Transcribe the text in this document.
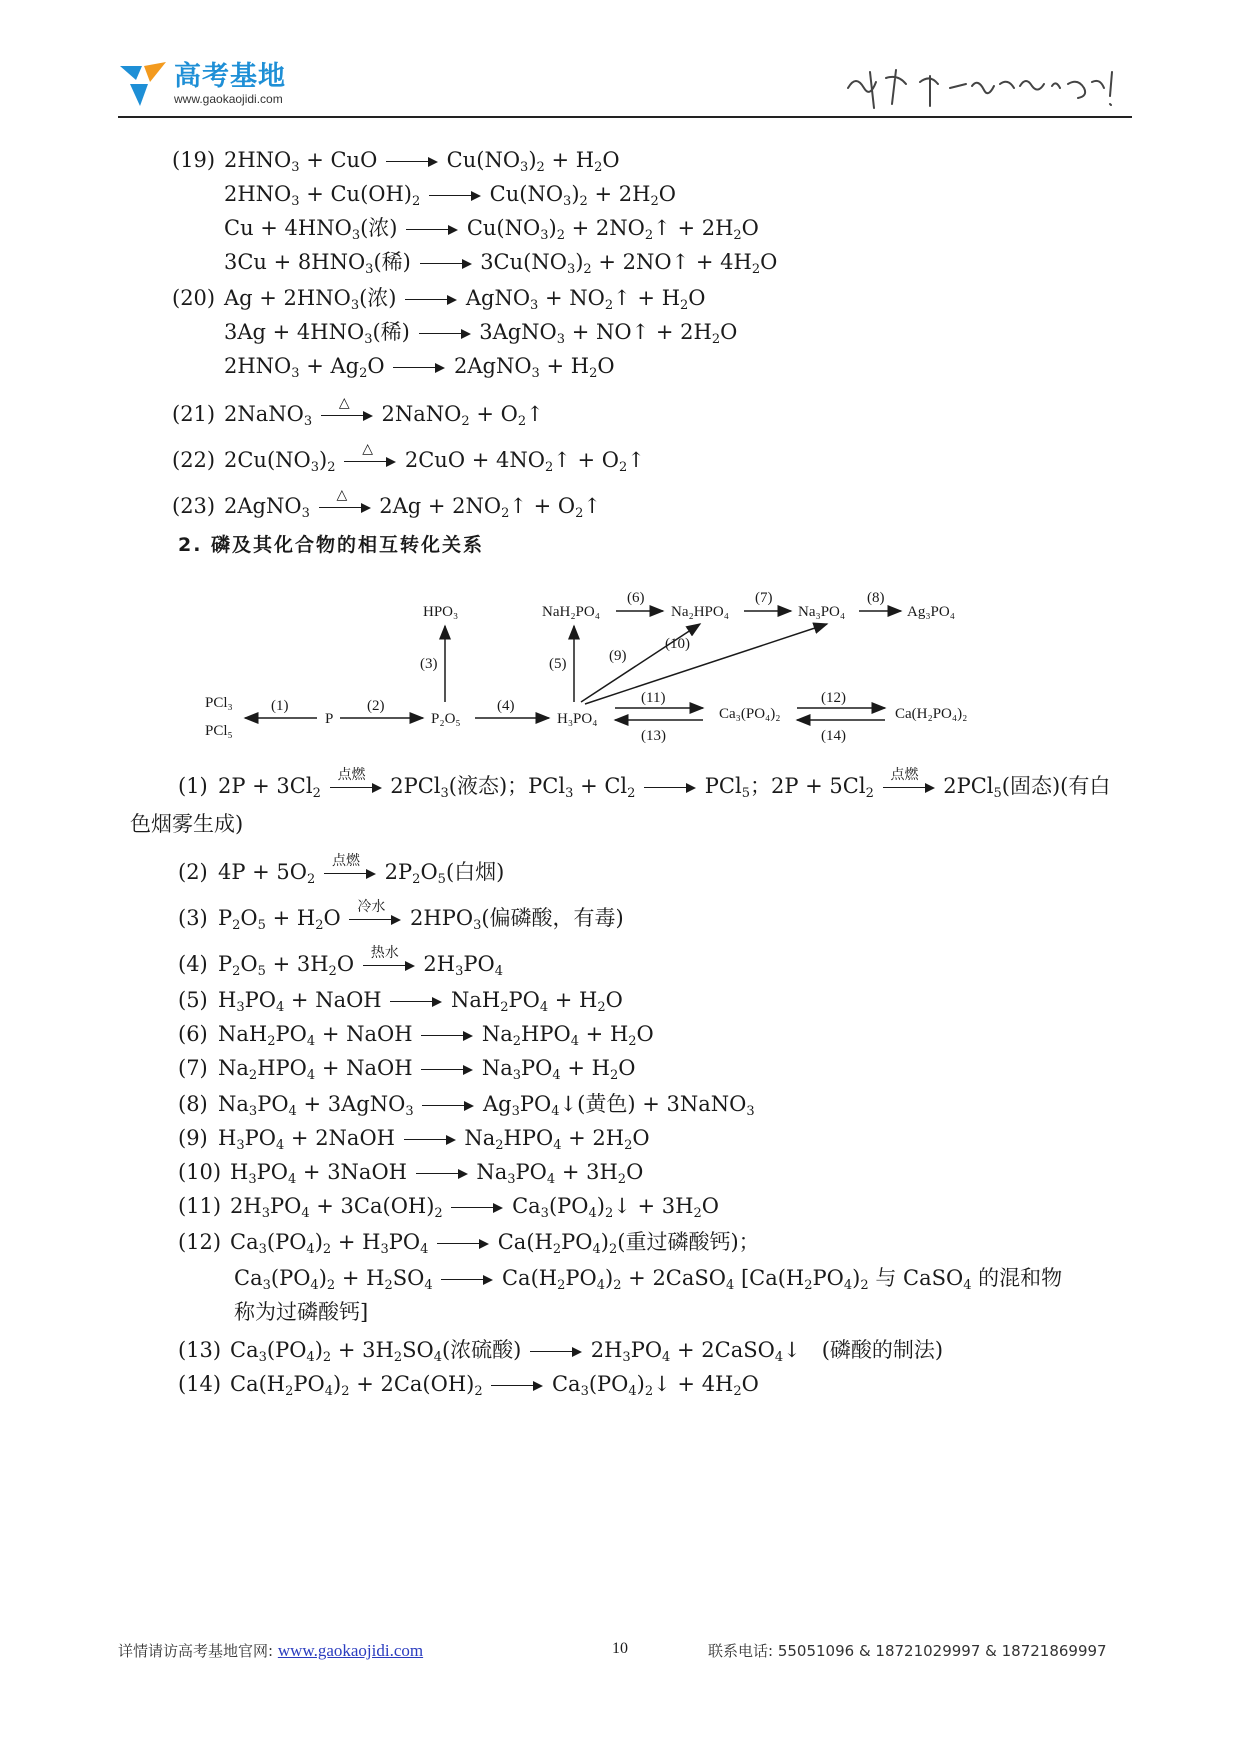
高考基地
www.gaokaojidi.com
(19) $2HNO_3$ + CuO	$Cu(NO_3)_2 + H_2O$
$2HNO_3 + Cu(OH)_2$	$Cu(NO_3)_2 + 2H_2O$
$Cu + 4HNO_3$(浓)	$Cu(NO_3)_2$ + $2NO_2↑ + 2H_2O$
$3Cu + 8HNO_3$(稀)	$3Cu(NO_3)_2$ + 2NO↑ + $4H_2O$
(20) $Ag + 2HNO_3$(浓)	AgNO$_3$ + $NO_2↑ + H_2O$
$3Ag + 4HNO_3$(稀)	3AgNO$_3$ + NO↑ + $2H_2O$
$2HNO_3 + Ag_2O$	2AgNO$_3$ + $H_2O$
(21) 2NaNO$_3$
△ 2NaNO$_2$ + $O_2↑$
(22) $2Cu(NO_3)_2$
△ $2CuO + 4NO_2↑$ + $O_2↑$
(23) 2AgNO$_3$
△ $2Ag + 2NO_2↑$ + $O_2↑$
2. 磷及其化合物的相互转化关系
PCl₃
PCl₅
P	P₂O₅
HPO₃
H₃PO₄
NaH₂PO₄	Na₂HPO₄	Na₃PO₄	Ag₃PO₄
Ca₃(PO₄)₂	Ca(H₂PO₄)₂
(1)	(2)
(3)
(4)
(5)
(6)	(7)	(8)
(9)
(10)
(11)	(12)
(13)	(14)
(1) $2P + 3Cl_2$
点燃 2PCl$_3$(液态)；$PCl_3 + Cl_2$	PCl$_5$；$2P + 5Cl_2$
点燃 2PCl$_5$(固态)(有白
色烟雾生成)
(2) $4P + 5O_2$
点燃 $2P_2O_5$(白烟)
(3) $P_2O_5 + H_2O$ 冷水 $2HPO_3$(偏磷酸，有毒)
(4) $P_2O_5 + 3H_2O$ 热水 $2H_3PO_4$
(5) $H_3PO_4$ + NaOH	$NaH_2PO_4 + H_2O$
(6) $NaH_2PO_4$ + NaOH	$Na_2HPO_4 + H_2O$
(7) $Na_2HPO_4$ + NaOH	$Na_3PO_4 + H_2O$
(8) $Na_3PO_4$ + 3AgNO$_3$	$Ag_3PO_4↓$(黄色) + 3NaNO$_3$
(9) $H_3PO_4$ + 2NaOH	$Na_2HPO_4 + 2H_2O$
(10) $H_3PO_4$ + 3NaOH	$Na_3PO_4 + 3H_2O$
(11) $2H_3PO_4 + 3Ca(OH)_2$	$Ca_3(PO_4)_2↓ + 3H_2O$
(12) $Ca_3(PO_4)_2 + H_3PO_4$	$Ca(H_2PO_4)_2$(重过磷酸钙)；
$Ca_3(PO_4)_2 + H_2SO_4$	$Ca(H_2PO_4)_2$ + 2CaSO$_4$ [$Ca(H_2PO_4)_2$ 与 CaSO$_4$ 的混和物
称为过磷酸钙]
(13) $Ca_3(PO_4)_2 + 3H_2SO_4$(浓硫酸)	$2H_3PO_4$ + 2CaSO$_4$↓　(磷酸的制法)
(14) $Ca(H_2PO_4)_2 + 2Ca(OH)_2$	$Ca_3(PO_4)_2↓ + 4H_2O$
详情请访高考基地官网: www.gaokaojidi.com	10	联系电话: 55051096 & 18721029997 & 18721869997
